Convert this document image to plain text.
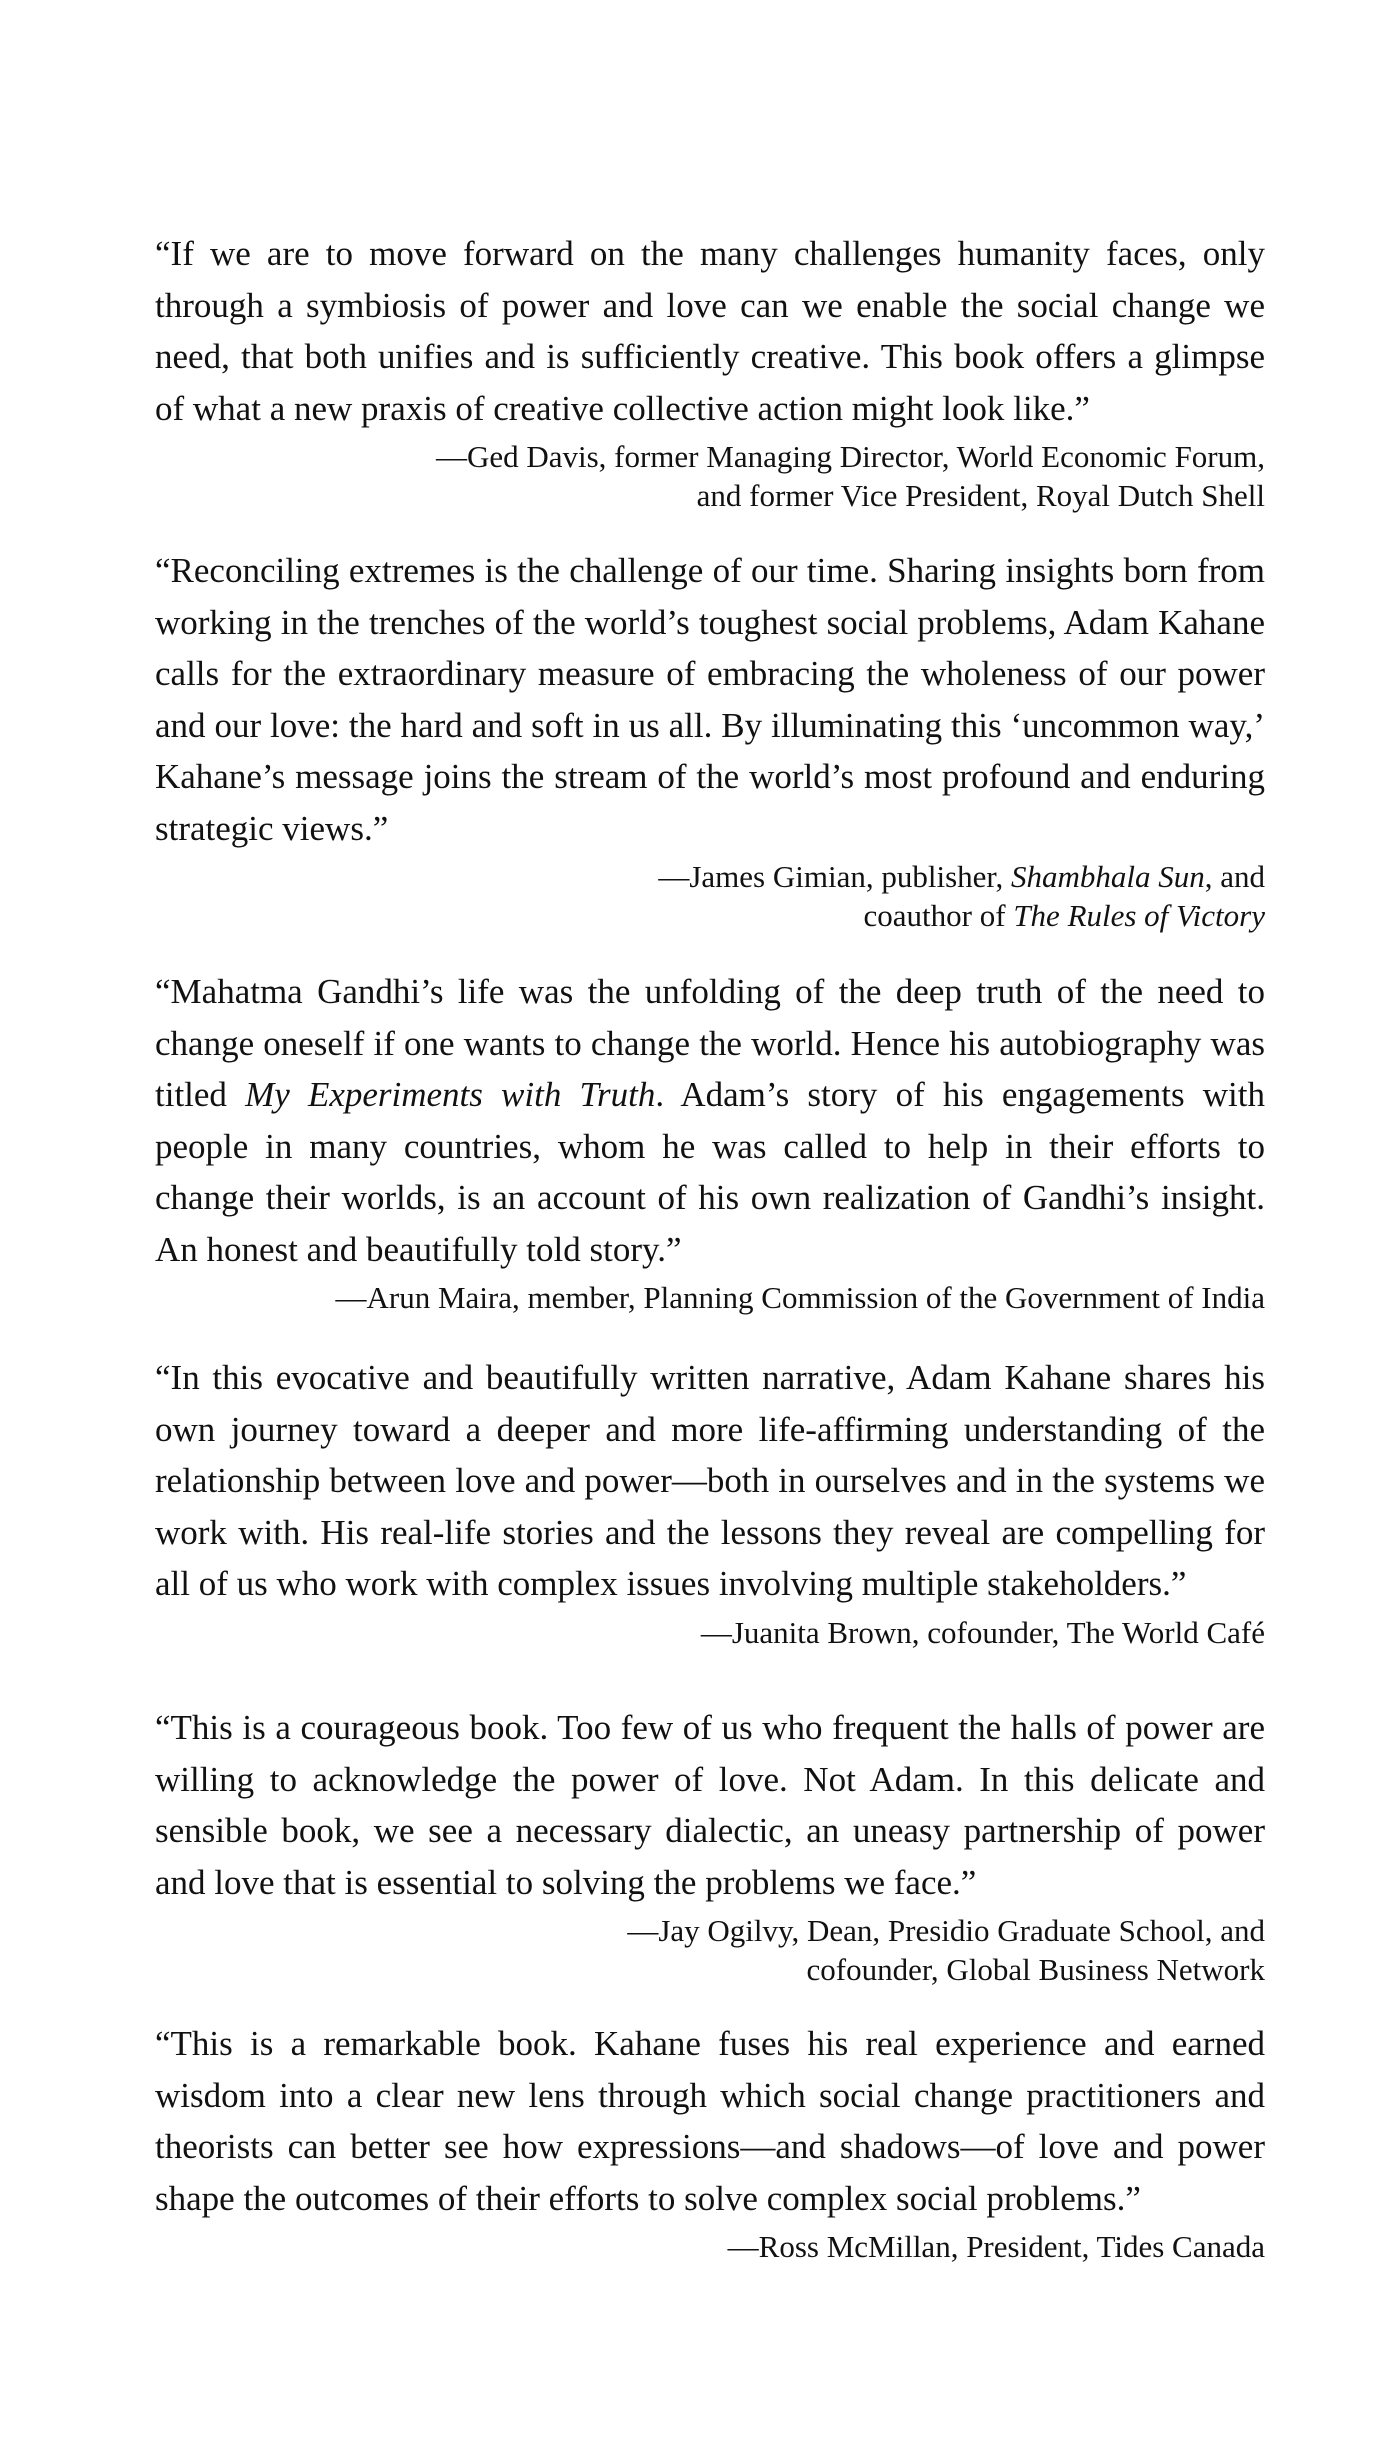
“If we are to move forward on the many challenges humanity faces, only through a symbiosis of power and love can we enable the social change we need, that both unifies and is sufficiently creative. This book offers a glimpse of what a new praxis of creative collective action might look like.”

—Ged Davis, former Managing Director, World Economic Forum,
and former Vice President, Royal Dutch Shell

“Reconciling extremes is the challenge of our time. Sharing insights born from working in the trenches of the world’s toughest social problems, Adam Kahane calls for the extraordinary measure of embracing the wholeness of our power and our love: the hard and soft in us all. By illuminating this ‘uncommon way,’ Kahane’s message joins the stream of the world’s most profound and enduring strategic views.”

—James Gimian, publisher, Shambhala Sun, and
coauthor of The Rules of Victory

“Mahatma Gandhi’s life was the unfolding of the deep truth of the need to change oneself if one wants to change the world. Hence his autobiography was titled My Experiments with Truth. Adam’s story of his engagements with people in many countries, whom he was called to help in their efforts to change their worlds, is an account of his own realization of Gandhi’s insight. An honest and beautifully told story.”

—Arun Maira, member, Planning Commission of the Government of India

“In this evocative and beautifully written narrative, Adam Kahane shares his own journey toward a deeper and more life-affirming understanding of the relationship between love and power—both in ourselves and in the systems we work with. His real-life stories and the lessons they reveal are compelling for all of us who work with complex issues involving multiple stakeholders.”

—Juanita Brown, cofounder, The World Café

“This is a courageous book. Too few of us who frequent the halls of power are willing to acknowledge the power of love. Not Adam. In this delicate and sensible book, we see a necessary dialectic, an uneasy partnership of power and love that is essential to solving the problems we face.”

—Jay Ogilvy, Dean, Presidio Graduate School, and
cofounder, Global Business Network

“This is a remarkable book. Kahane fuses his real experience and earned wisdom into a clear new lens through which social change practitioners and theorists can better see how expressions—and shadows—of love and power shape the outcomes of their efforts to solve complex social problems.”

—Ross McMillan, President, Tides Canada
